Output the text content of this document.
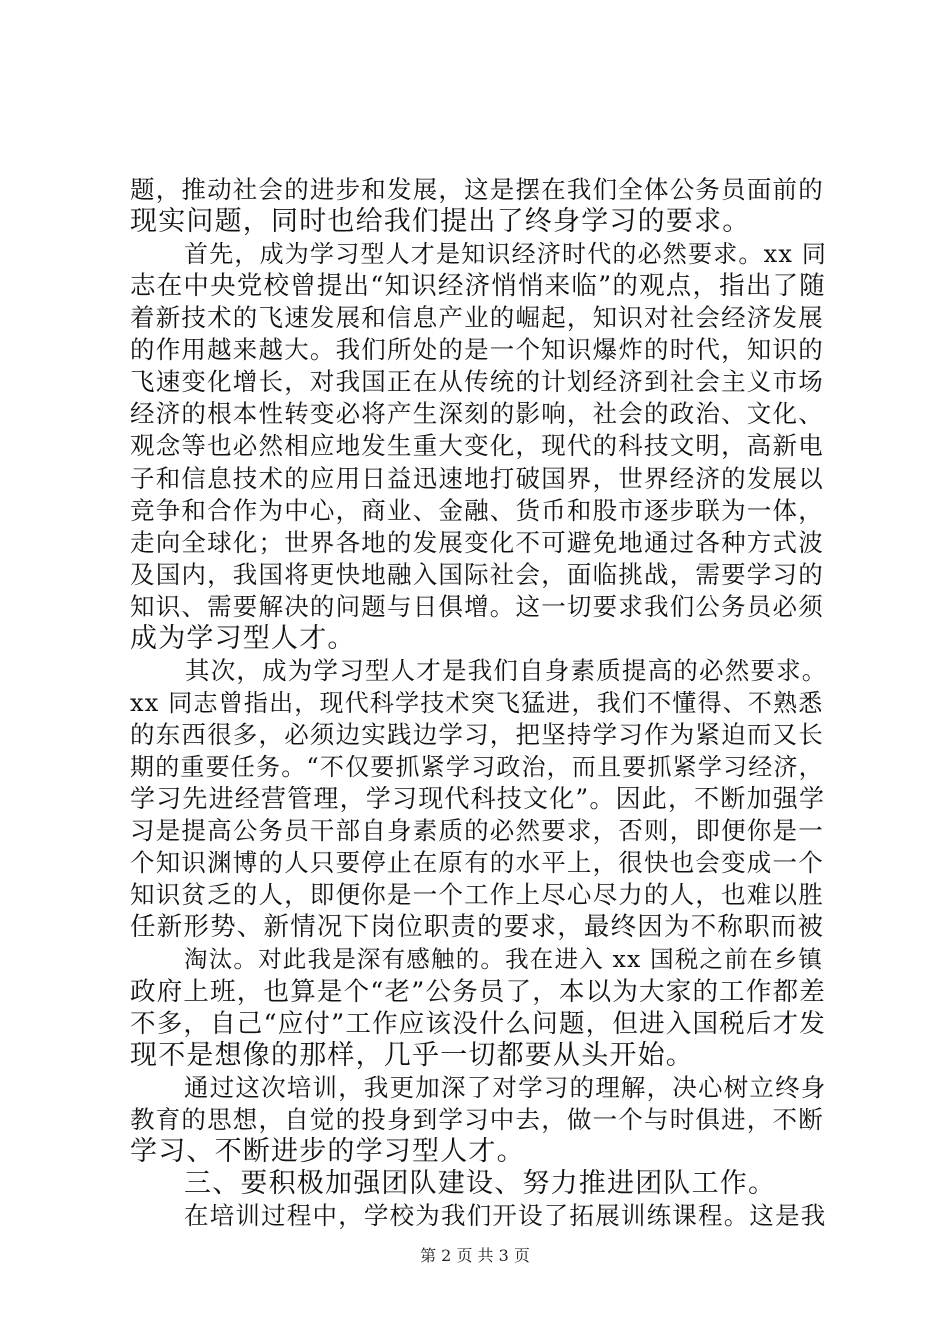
题，推动社会的进步和发展，这是摆在我们全体公务员面前的
现实问题，同时也给我们提出了终身学习的要求。
首先，成为学习型人才是知识经济时代的必然要求。xx 同
志在中央党校曾提出“知识经济悄悄来临”的观点，指出了随
着新技术的飞速发展和信息产业的崛起，知识对社会经济发展
的作用越来越大。我们所处的是一个知识爆炸的时代，知识的
飞速变化增长，对我国正在从传统的计划经济到社会主义市场
经济的根本性转变必将产生深刻的影响，社会的政治、文化、
观念等也必然相应地发生重大变化，现代的科技文明，高新电
子和信息技术的应用日益迅速地打破国界，世界经济的发展以
竞争和合作为中心，商业、金融、货币和股市逐步联为一体，
走向全球化；世界各地的发展变化不可避免地通过各种方式波
及国内，我国将更快地融入国际社会，面临挑战，需要学习的
知识、需要解决的问题与日俱增。这一切要求我们公务员必须
成为学习型人才。
其次，成为学习型人才是我们自身素质提高的必然要求。
xx 同志曾指出，现代科学技术突飞猛进，我们不懂得、不熟悉
的东西很多，必须边实践边学习，把坚持学习作为紧迫而又长
期的重要任务。“不仅要抓紧学习政治，而且要抓紧学习经济，
学习先进经营管理，学习现代科技文化”。因此，不断加强学
习是提高公务员干部自身素质的必然要求，否则，即便你是一
个知识渊博的人只要停止在原有的水平上，很快也会变成一个
知识贫乏的人，即便你是一个工作上尽心尽力的人，也难以胜
任新形势、新情况下岗位职责的要求，最终因为不称职而被
淘汰。对此我是深有感触的。我在进入 xx 国税之前在乡镇
政府上班，也算是个“老”公务员了，本以为大家的工作都差
不多，自己“应付”工作应该没什么问题，但进入国税后才发
现不是想像的那样，几乎一切都要从头开始。
通过这次培训，我更加深了对学习的理解，决心树立终身
教育的思想，自觉的投身到学习中去，做一个与时俱进，不断
学习、不断进步的学习型人才。
三、要积极加强团队建设、努力推进团队工作。
在培训过程中，学校为我们开设了拓展训练课程。这是我
第 2 页 共 3 页
